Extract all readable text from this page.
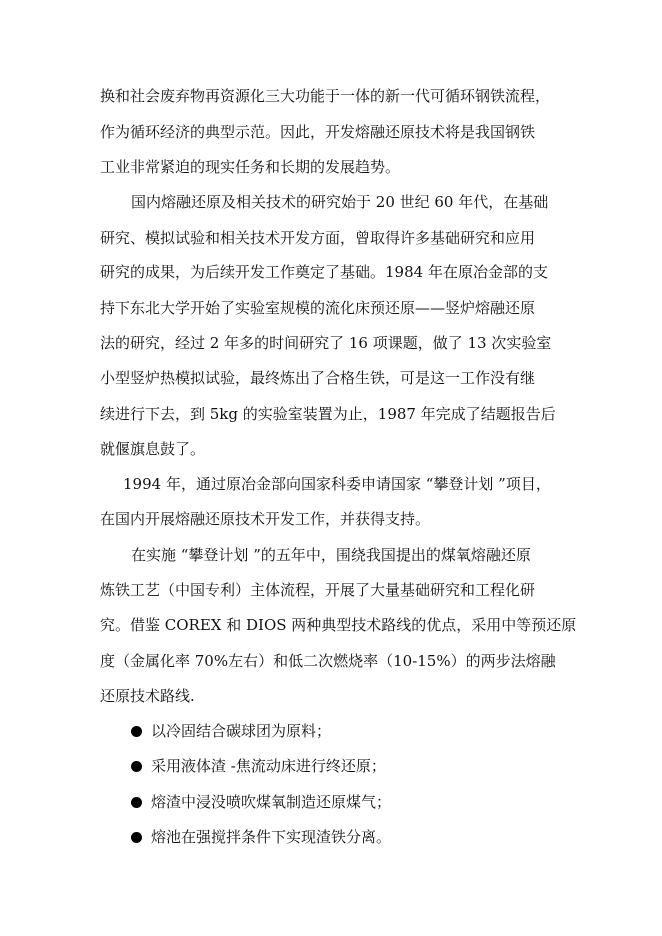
换和社会废弃物再资源化三大功能于一体的新一代可循环钢铁流程，
作为循环经济的典型示范。因此，开发熔融还原技术将是我国钢铁
工业非常紧迫的现实任务和长期的发展趋势。
国内熔融还原及相关技术的研究始于 20 世纪 60 年代，在基础
研究、模拟试验和相关技术开发方面，曾取得许多基础研究和应用
研究的成果，为后续开发工作奠定了基础。1984 年在原冶金部的支
持下东北大学开始了实验室规模的流化床预还原——竖炉熔融还原
法的研究，经过 2 年多的时间研究了 16 项课题，做了 13 次实验室
小型竖炉热模拟试验，最终炼出了合格生铁，可是这一工作没有继
续进行下去，到 5kg 的实验室装置为止，1987 年完成了结题报告后
就偃旗息鼓了。
1994 年，通过原冶金部向国家科委申请国家 “攀登计划 ”项目，
在国内开展熔融还原技术开发工作，并获得支持。
在实施 “攀登计划 ”的五年中，围绕我国提出的煤氧熔融还原
炼铁工艺（中国专利）主体流程，开展了大量基础研究和工程化研
究。借鉴 COREX 和 DIOS 两种典型技术路线的优点，采用中等预还原
度（金属化率 70%左右）和低二次燃烧率（10-15%）的两步法熔融
还原技术路线.
以冷固结合碳球团为原料；
采用液体渣 -焦流动床进行终还原；
熔渣中浸没喷吹煤氧制造还原煤气；
熔池在强搅拌条件下实现渣铁分离。
